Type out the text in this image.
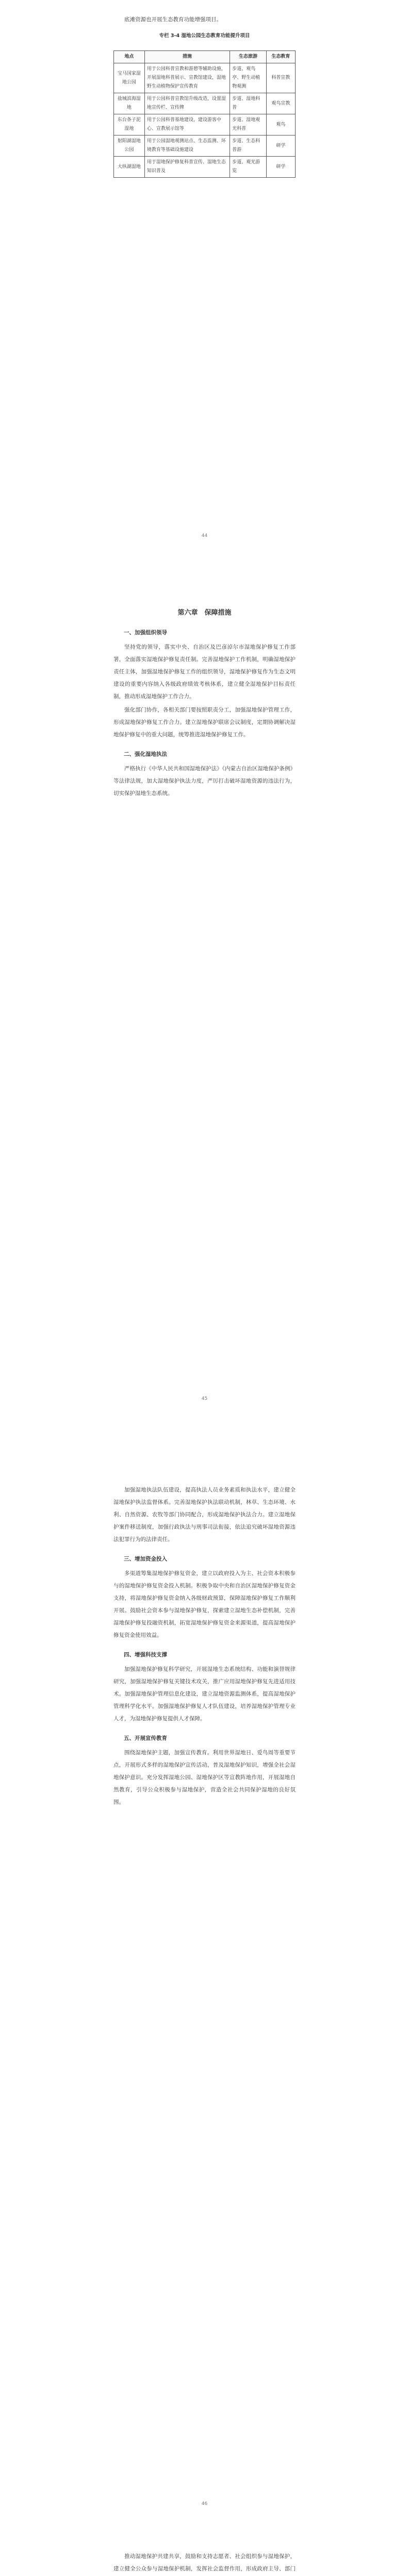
底滩资源也开展生态教育功能增强项目。

专栏 3-4 湿地公园生态教育功能提升项目
地点	措施	生态旅游	生态教育
宝马国家湿地公园	用于公园科普宣教和游憩等辅助设施，开展湿地科普展示、宣教馆建设，湿地野生动植物保护宣传教育	步道、观鸟亭、野生动植物观测	科普宣教
盐城滨海湿地	用于公园科普宣教馆升级改造，设置湿地宣传栏、宣传牌	步道、湿地科普	观鸟宣教
东台条子泥湿地	用于公园科普基地建设，建设游客中心、宣教展示馆等	步道、湿地观光科普	观鸟
射阳湖湿地公园	用于公园湿地观测站点、生态监测、环境教育等基础设施建设	步道、生态科普游	研学
大纵湖湿地	用于湿地保护修复科普宣传、湿地生态知识普及	步道、观光游览	研学
44
第六章　保障措施
一、加强组织领导

坚持党的领导，落实中央、自治区及巴彦淖尔市湿地保护修复工作部署，全面落实湿地保护修复责任制。完善湿地保护工作机制，明确湿地保护责任主体，加强湿地保护修复工作的组织领导，湿地保护修复作为生态文明建设的重要内容纳入各级政府绩效考核体系，建立健全湿地保护目标责任制，推动形成湿地保护工作合力。

强化部门协作，各相关部门要按照职责分工，加强湿地保护管理工作，形成湿地保护修复工作合力。建立湿地保护联席会议制度，定期协调解决湿地保护修复中的重大问题，统筹推进湿地保护修复工作。

二、强化湿地执法

严格执行《中华人民共和国湿地保护法》《内蒙古自治区湿地保护条例》等法律法规，加大湿地保护执法力度，严厉打击破坏湿地资源的违法行为，切实保护湿地生态系统。

45

加强湿地执法队伍建设，提高执法人员业务素质和执法水平，建立健全湿地保护执法监督体系。完善湿地保护执法联动机制，林草、生态环境、水利、自然资源、农牧等部门协同配合，形成湿地保护执法合力。建立湿地保护案件移送制度，加强行政执法与刑事司法衔接，依法追究破坏湿地资源违法犯罪行为的法律责任。

三、增加资金投入

多渠道筹集湿地保护修复资金，建立以政府投入为主、社会资本积极参与的湿地保护修复资金投入机制。积极争取中央和自治区湿地保护修复资金支持，将湿地保护修复资金纳入各级财政预算，保障湿地保护修复工作顺利开展。鼓励社会资本参与湿地保护修复，探索建立湿地生态补偿机制，完善湿地保护修复投融资机制，拓宽湿地保护修复资金来源渠道，提高湿地保护修复资金使用效益。

四、增强科技支撑

加强湿地保护修复科学研究，开展湿地生态系统结构、功能和演替规律研究，加强湿地保护修复关键技术攻关，推广应用湿地保护修复先进适用技术。加强湿地保护管理信息化建设，建立湿地资源监测体系，提高湿地保护管理科学化水平。加强湿地保护修复人才队伍建设，培养湿地保护管理专业人才，为湿地保护修复提供人才保障。

五、开展宣传教育

围绕湿地保护主题，加强宣传教育。利用世界湿地日、爱鸟周等重要节点，开展形式多样的湿地保护宣传活动，普及湿地保护知识，增强全社会湿地保护意识。充分发挥湿地公园、湿地保护区等宣教阵地作用，开展湿地自然教育，引导公众积极参与湿地保护，营造全社会共同保护湿地的良好氛围。

46

推动湿地保护共建共享，鼓励和支持志愿者、社会组织参与湿地保护，建立健全公众参与湿地保护机制，发挥社会监督作用，形成政府主导、部门
